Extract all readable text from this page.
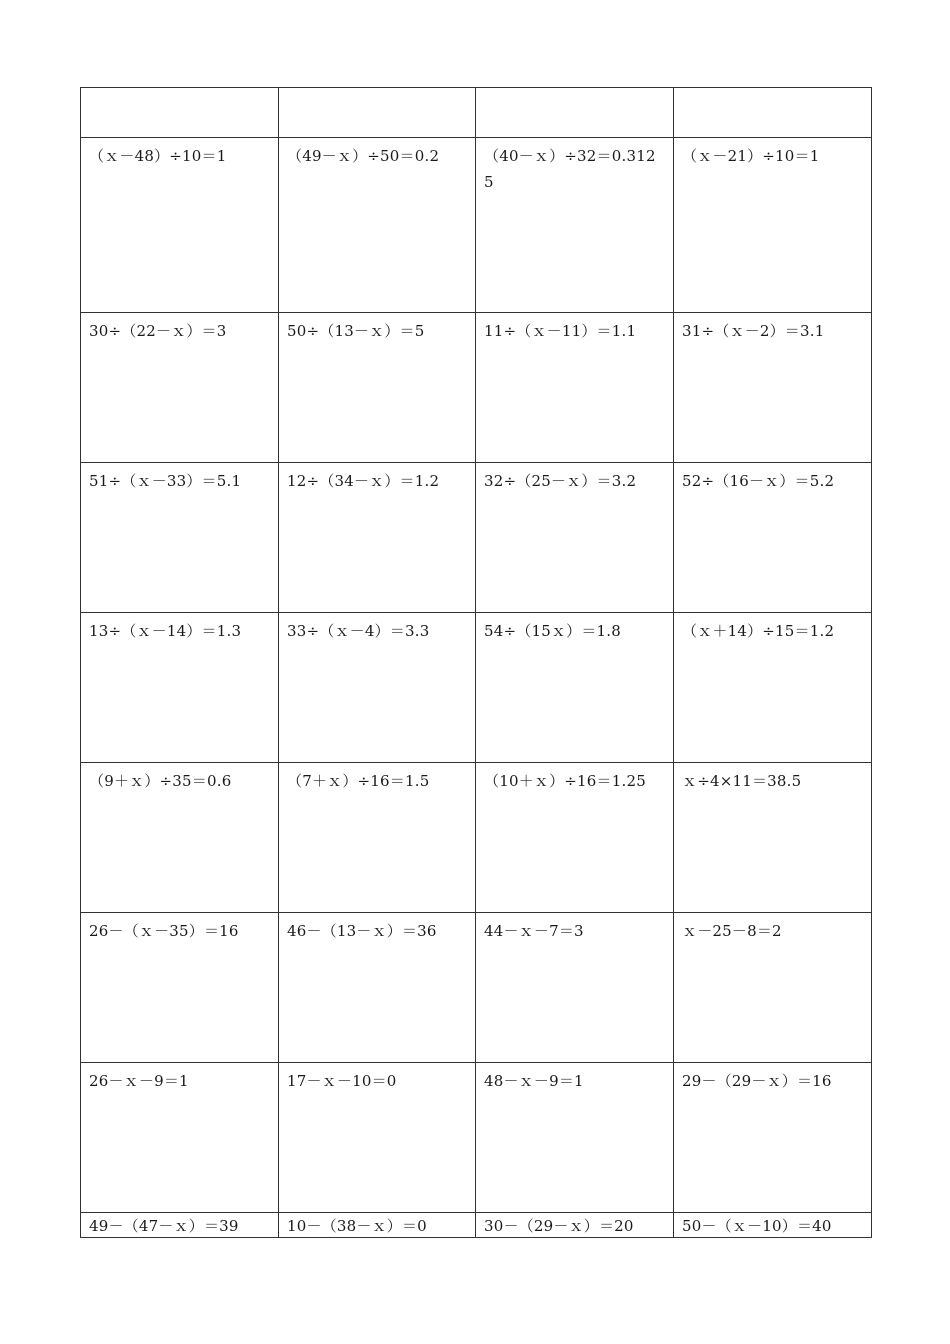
（ｘ－48）÷10＝1	（49－ｘ）÷50＝0.2	（40－ｘ）÷32＝0.3125	（ｘ－21）÷10＝1

30÷（22－ｘ）＝3	50÷（13－ｘ）＝5	11÷（ｘ－11）＝1.1	31÷（ｘ－2）＝3.1

51÷（ｘ－33）＝5.1	12÷（34－ｘ）＝1.2	32÷（25－ｘ）＝3.2	52÷（16－ｘ）＝5.2

13÷（ｘ－14）＝1.3	33÷（ｘ－4）＝3.3	54÷（15ｘ）＝1.8	（ｘ＋14）÷15＝1.2

（9＋ｘ）÷35＝0.6	（7＋ｘ）÷16＝1.5	（10＋ｘ）÷16＝1.25	ｘ÷4×11＝38.5

26－（ｘ－35）＝16	46－（13－ｘ）＝36	44－ｘ－7＝3	ｘ－25－8＝2

26－ｘ－9＝1	17－ｘ－10＝0	48－ｘ－9＝1	29－（29－ｘ）＝16

49－（47－ｘ）＝39	10－（38－ｘ）＝0	30－（29－ｘ）＝20	50－（ｘ－10）＝40
